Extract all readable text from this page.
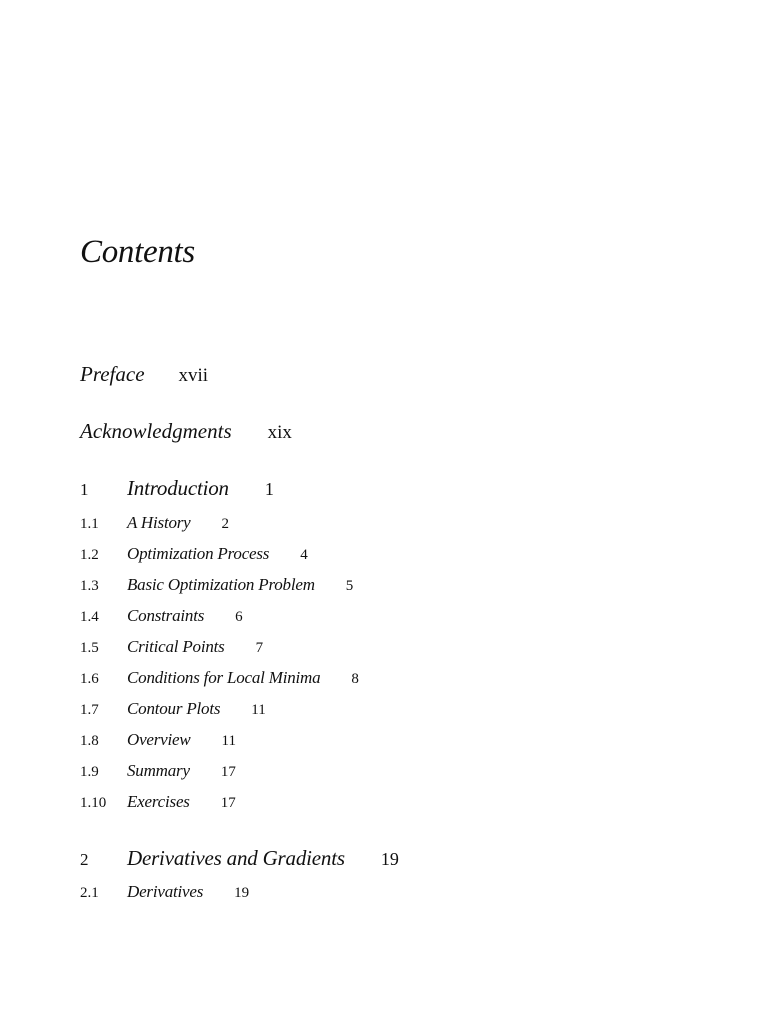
Contents
Preface xvii
Acknowledgments xix
1	Introduction 1
1.1	A History 2
1.2	Optimization Process 4
1.3	Basic Optimization Problem 5
1.4	Constraints 6
1.5	Critical Points 7
1.6	Conditions for Local Minima 8
1.7	Contour Plots 11
1.8	Overview 11
1.9	Summary 17
1.10	Exercises 17
2	Derivatives and Gradients 19
2.1	Derivatives 19
